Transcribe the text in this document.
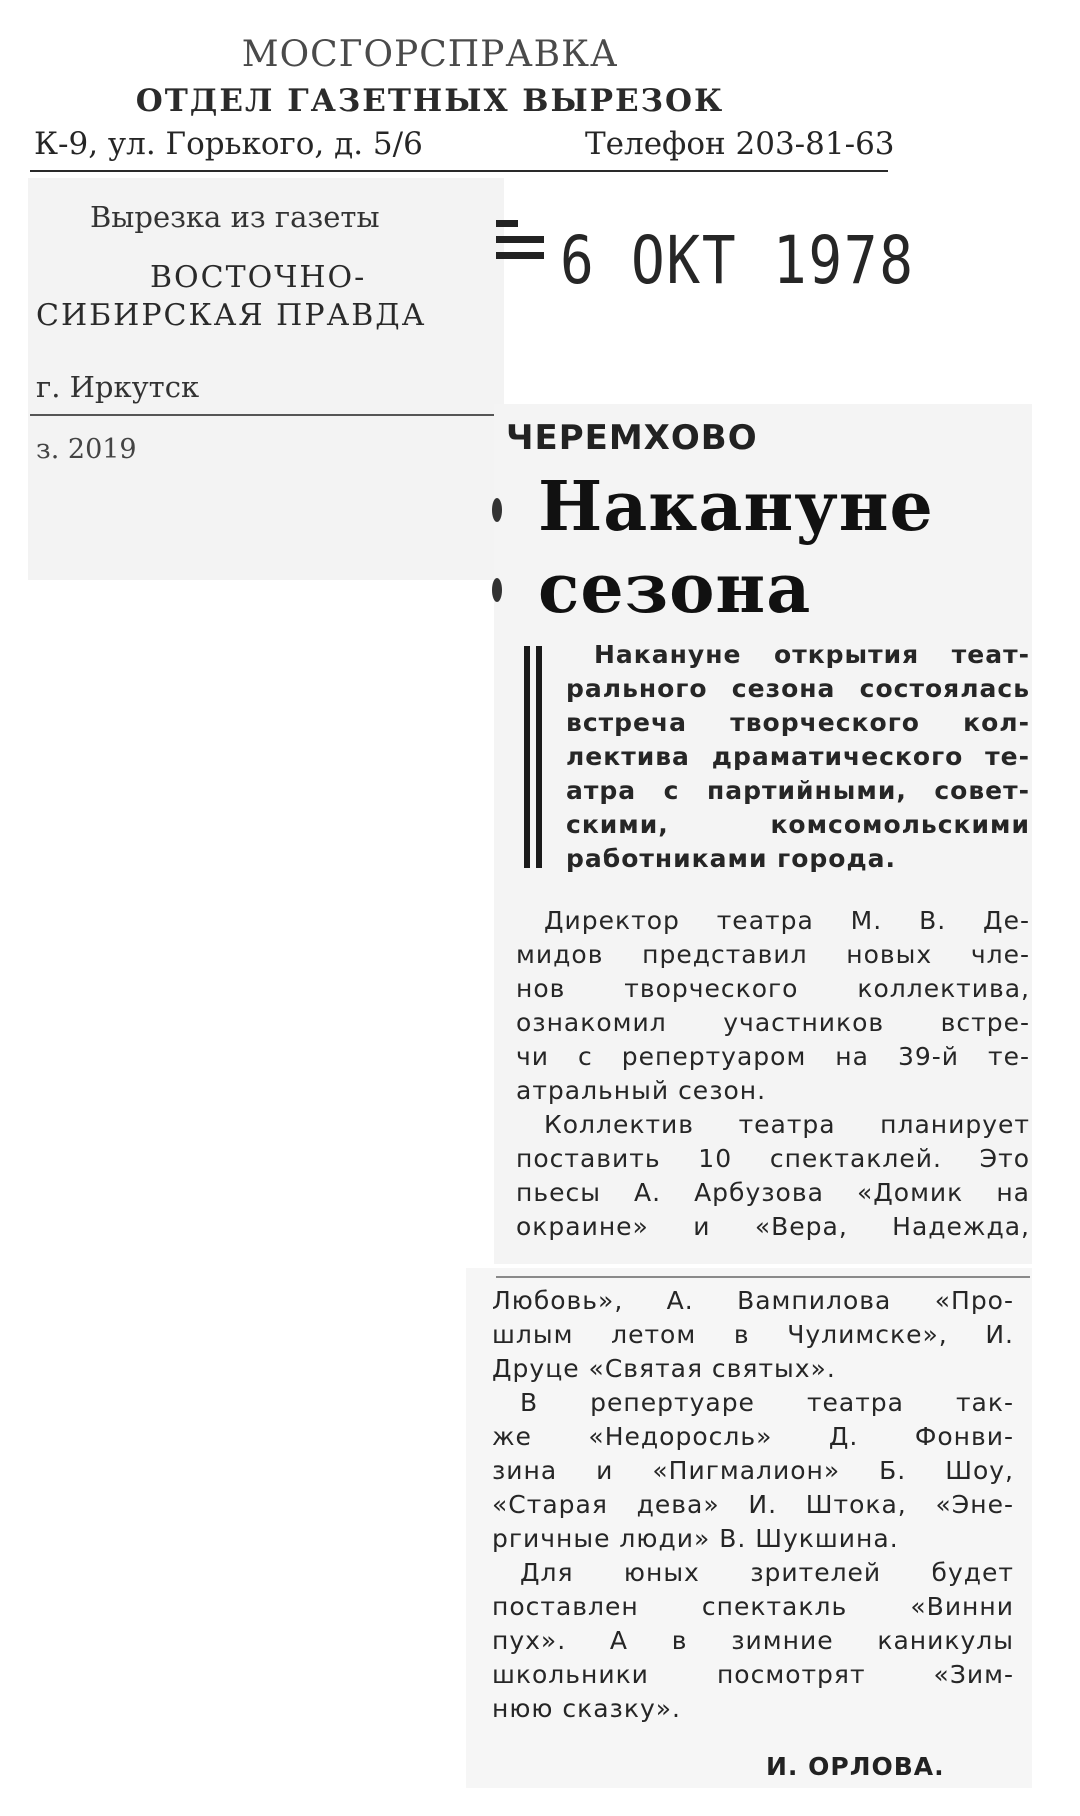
МОСГОРСПРАВКА
ОТДЕЛ ГАЗЕТНЫХ ВЫРЕЗОК
К-9, ул. Горького, д. 5/6	Телефон 203-81-63
Вырезка из газеты
ВОСТОЧНО-
СИБИРСКАЯ ПРАВДА
г. Иркутск
з. 2019
6 ОКТ 1978
ЧЕРЕМХОВО
Накануне
сезона

Накануне открытия теат-

рального сезона состоялась

встреча творческого кол-

лектива драматического те-

атра с партийными, совет-

скими, комсомольскими

работниками города.

Директор театра М. В. Де-

мидов представил новых чле-

нов творческого коллектива,

ознакомил участников встре-

чи с репертуаром на 39-й те-

атральный сезон.

Коллектив театра планирует

поставить 10 спектаклей. Это

пьесы А. Арбузова «Домик на

окраине» и «Вера, Надежда,

Любовь», А. Вампилова «Про-

шлым летом в Чулимске», И.

Друце «Святая святых».

В репертуаре театра так-

же «Недоросль» Д. Фонви-

зина и «Пигмалион» Б. Шоу,

«Старая дева» И. Штока, «Эне-

ргичные люди» В. Шукшина.

Для юных зрителей будет

поставлен спектакль «Винни

пух». А в зимние каникулы

школьники посмотрят «Зим-

нюю сказку».

И. ОРЛОВА.
